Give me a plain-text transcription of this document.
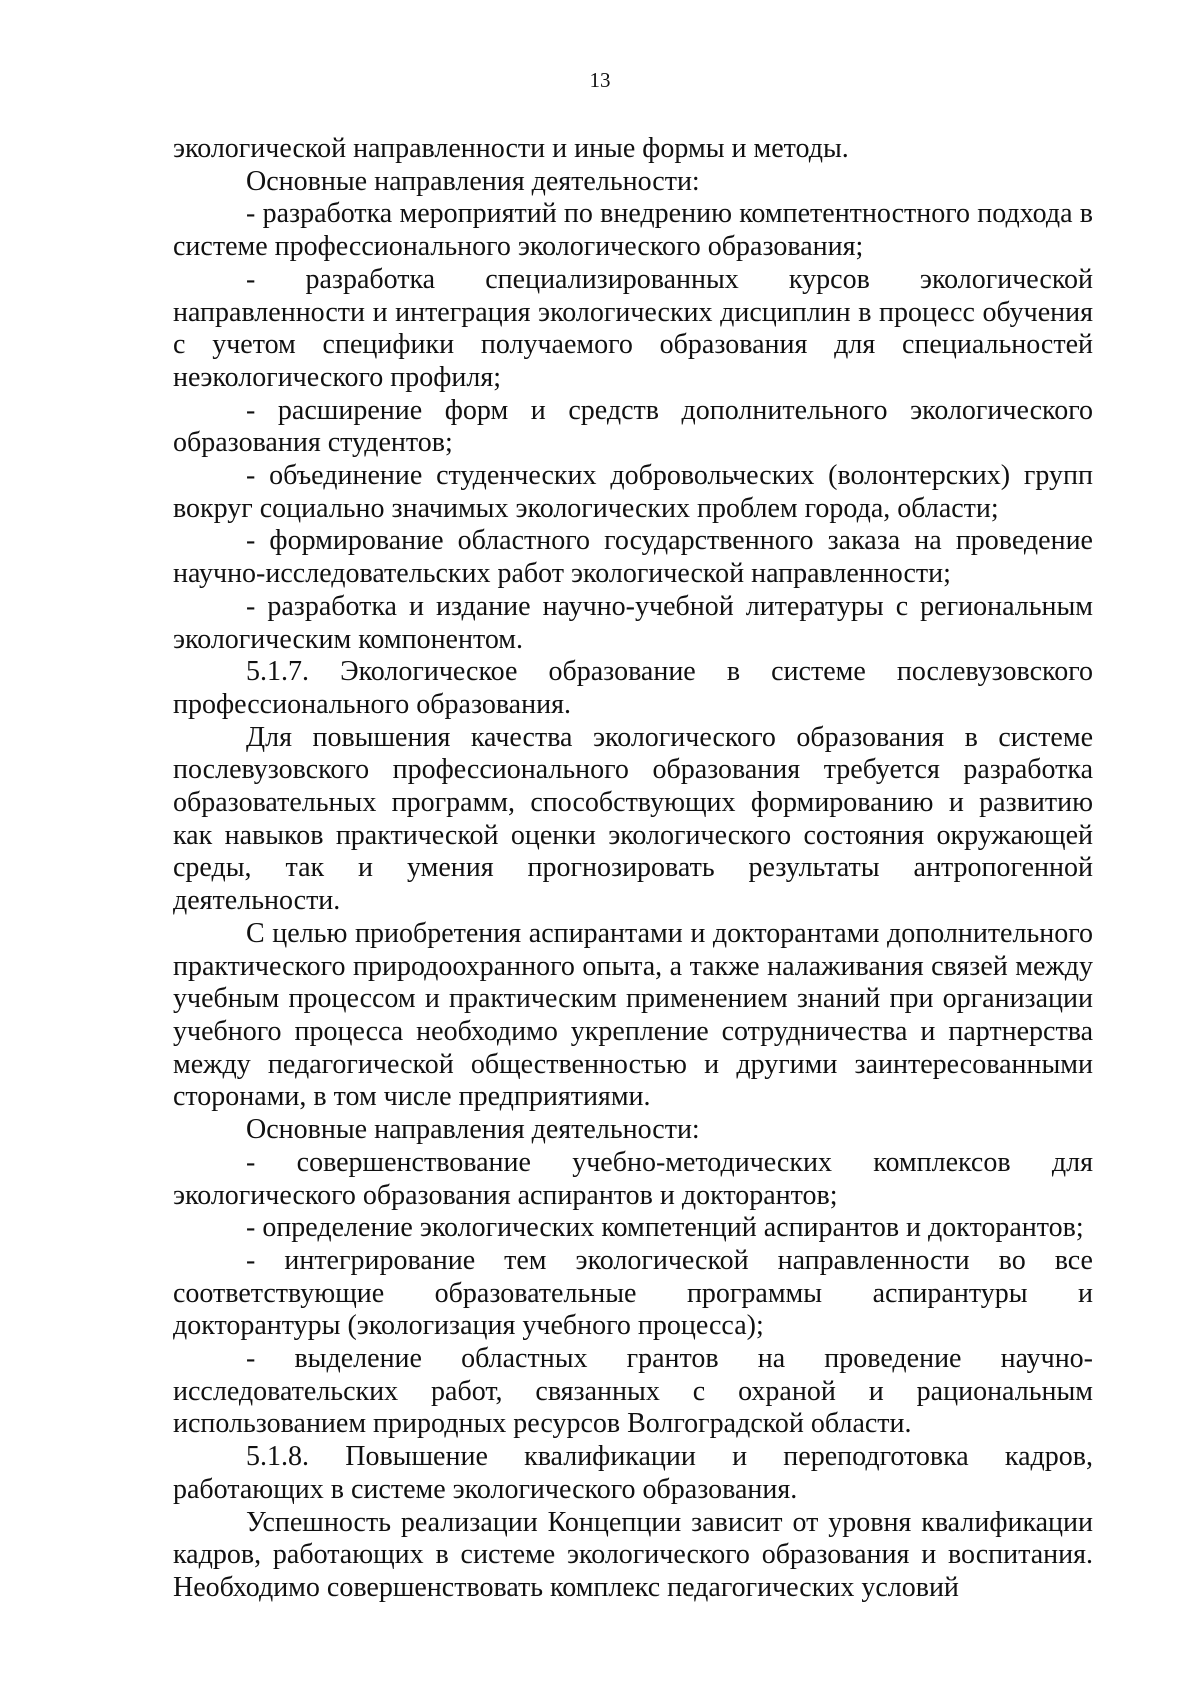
13

экологической направленности и иные формы и методы.

Основные направления деятельности:

- разработка мероприятий по внедрению компетентностного подхода в системе профессионального экологического образования;

- разработка специализированных курсов экологической направленности и интеграция экологических дисциплин в процесс обучения с учетом специфики получаемого образования для специальностей неэкологического профиля;

- расширение форм и средств дополнительного экологического образования студентов;

- объединение студенческих добровольческих (волонтерских) групп вокруг социально значимых экологических проблем города, области;

- формирование областного государственного заказа на проведение научно-исследовательских работ экологической направленности;

- разработка и издание научно-учебной литературы с региональным экологическим компонентом.

5.1.7. Экологическое образование в системе послевузовского профессионального образования.

Для повышения качества экологического образования в системе послевузовского профессионального образования требуется разработка образовательных программ, способствующих формированию и развитию как навыков практической оценки экологического состояния окружающей среды, так и умения прогнозировать результаты антропогенной деятельности.

С целью приобретения аспирантами и докторантами дополнительного практического природоохранного опыта, а также налаживания связей между учебным процессом и практическим применением знаний при организации учебного процесса необходимо укрепление сотрудничества и партнерства между педагогической общественностью и другими заинтересованными сторонами, в том числе предприятиями.

Основные направления деятельности:

- совершенствование учебно-методических комплексов для экологического образования аспирантов и докторантов;

- определение экологических компетенций аспирантов и докторантов;

- интегрирование тем экологической направленности во все соответствующие образовательные программы аспирантуры и докторантуры (экологизация учебного процесса);

- выделение областных грантов на проведение научно-исследовательских работ, связанных с охраной и рациональным использованием природных ресурсов Волгоградской области.

5.1.8. Повышение квалификации и переподготовка кадров, работающих в системе экологического образования.

Успешность реализации Концепции зависит от уровня квалификации кадров, работающих в системе экологического образования и воспитания. Необходимо совершенствовать комплекс педагогических условий
